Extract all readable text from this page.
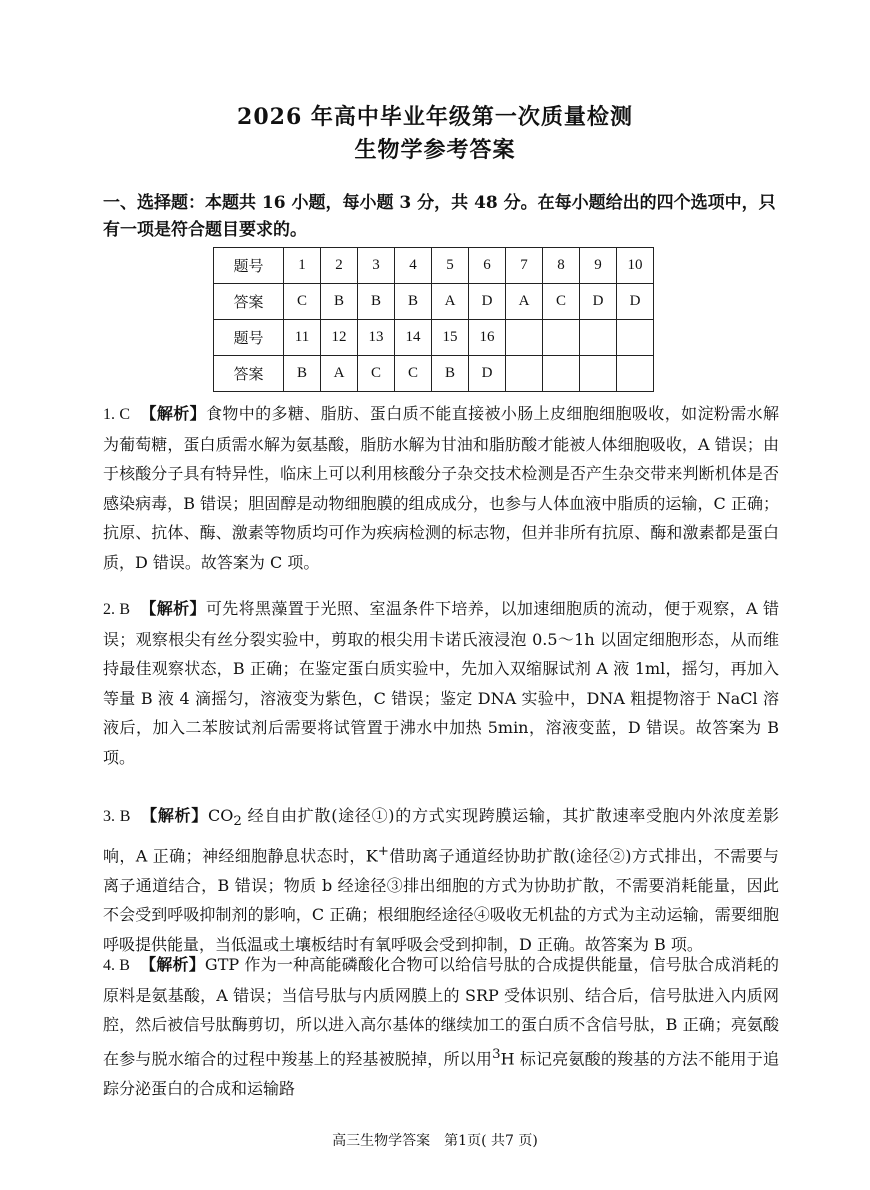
2026 年高中毕业年级第一次质量检测
生物学参考答案
一、选择题：本题共 16 小题，每小题 3 分，共 48 分。在每小题给出的四个选项中，只有一项是符合题目要求的。
题号	1	2	3	4	5	6	7	8	9	10
答案	C	B	B	B	A	D	A	C	D	D
题号	11	12	13	14	15	16				
答案	B	A	C	C	B	D				
1. C 【解析】食物中的多糖、脂肪、蛋白质不能直接被小肠上皮细胞细胞吸收，如淀粉需水解为葡萄糖，蛋白质需水解为氨基酸，脂肪水解为甘油和脂肪酸才能被人体细胞吸收，A 错误；由于核酸分子具有特异性，临床上可以利用核酸分子杂交技术检测是否产生杂交带来判断机体是否感染病毒，B 错误；胆固醇是动物细胞膜的组成成分，也参与人体血液中脂质的运输，C 正确；抗原、抗体、酶、激素等物质均可作为疾病检测的标志物，但并非所有抗原、酶和激素都是蛋白质，D 错误。故答案为 C 项。
2. B 【解析】可先将黑藻置于光照、室温条件下培养，以加速细胞质的流动，便于观察，A 错误；观察根尖有丝分裂实验中，剪取的根尖用卡诺氏液浸泡 0.5～1h 以固定细胞形态，从而维持最佳观察状态，B 正确；在鉴定蛋白质实验中，先加入双缩脲试剂 A 液 1ml，摇匀，再加入等量 B 液 4 滴摇匀，溶液变为紫色，C 错误；鉴定 DNA 实验中，DNA 粗提物溶于 NaCl 溶液后，加入二苯胺试剂后需要将试管置于沸水中加热 5min，溶液变蓝，D 错误。故答案为 B 项。
3. B 【解析】$CO_2$ 经自由扩散(途径①)的方式实现跨膜运输，其扩散速率受胞内外浓度差影响，A 正确；神经细胞静息状态时，K+借助离子通道经协助扩散(途径②)方式排出，不需要与离子通道结合，B 错误；物质 b 经途径③排出细胞的方式为协助扩散，不需要消耗能量，因此不会受到呼吸抑制剂的影响，C 正确；根细胞经途径④吸收无机盐的方式为主动运输，需要细胞呼吸提供能量，当低温或土壤板结时有氧呼吸会受到抑制，D 正确。故答案为 B 项。
4. B 【解析】GTP 作为一种高能磷酸化合物可以给信号肽的合成提供能量，信号肽合成消耗的原料是氨基酸，A 错误；当信号肽与内质网膜上的 SRP 受体识别、结合后，信号肽进入内质网腔，然后被信号肽酶剪切，所以进入高尔基体的继续加工的蛋白质不含信号肽，B 正确；亮氨酸在参与脱水缩合的过程中羧基上的羟基被脱掉，所以用$^3$H 标记亮氨酸的羧基的方法不能用于追踪分泌蛋白的合成和运输路
高三生物学答案　第1页( 共7 页)
